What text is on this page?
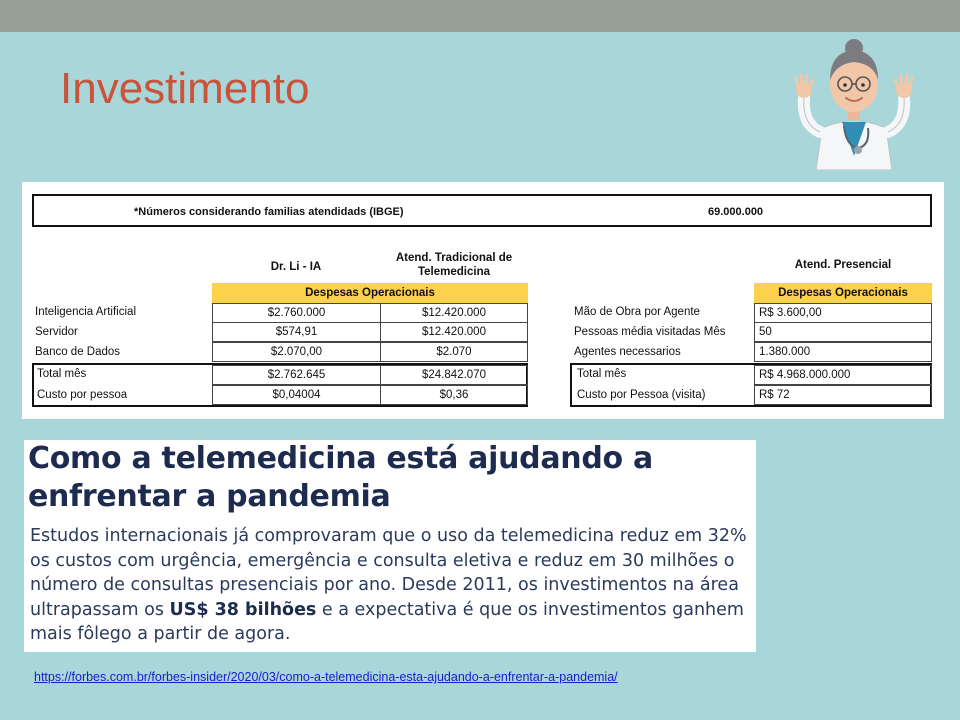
Investimento
*Números considerando familias atendidads (IBGE)	69.000.000
Dr. Li - IA
Atend. Tradicional de Telemedicina
Despesas Operacionais
Inteligencia Artificial	$2.760.000	$12.420.000
Servidor	$574,91	$12.420.000
Banco de Dados	$2.070,00	$2.070
Total mês	$2.762.645	$24.842.070
Custo por pessoa	$0,04004	$0,36
Atend. Presencial
Despesas Operacionais
Mão de Obra por Agente	R$ 3.600,00
Pessoas média visitadas Mês	50
Agentes necessarios	1.380.000
Total mês	R$ 4.968.000.000
Custo por Pessoa (visita)	R$ 72
Como a telemedicina está ajudando a enfrentar a pandemia
Estudos internacionais já comprovaram que o uso da telemedicina reduz em 32% os custos com urgência, emergência e consulta eletiva e reduz em 30 milhões o número de consultas presenciais por ano. Desde 2011, os investimentos na área ultrapassam os US$ 38 bilhões e a expectativa é que os investimentos ganhem mais fôlego a partir de agora.
https://forbes.com.br/forbes-insider/2020/03/como-a-telemedicina-esta-ajudando-a-enfrentar-a-pandemia/
